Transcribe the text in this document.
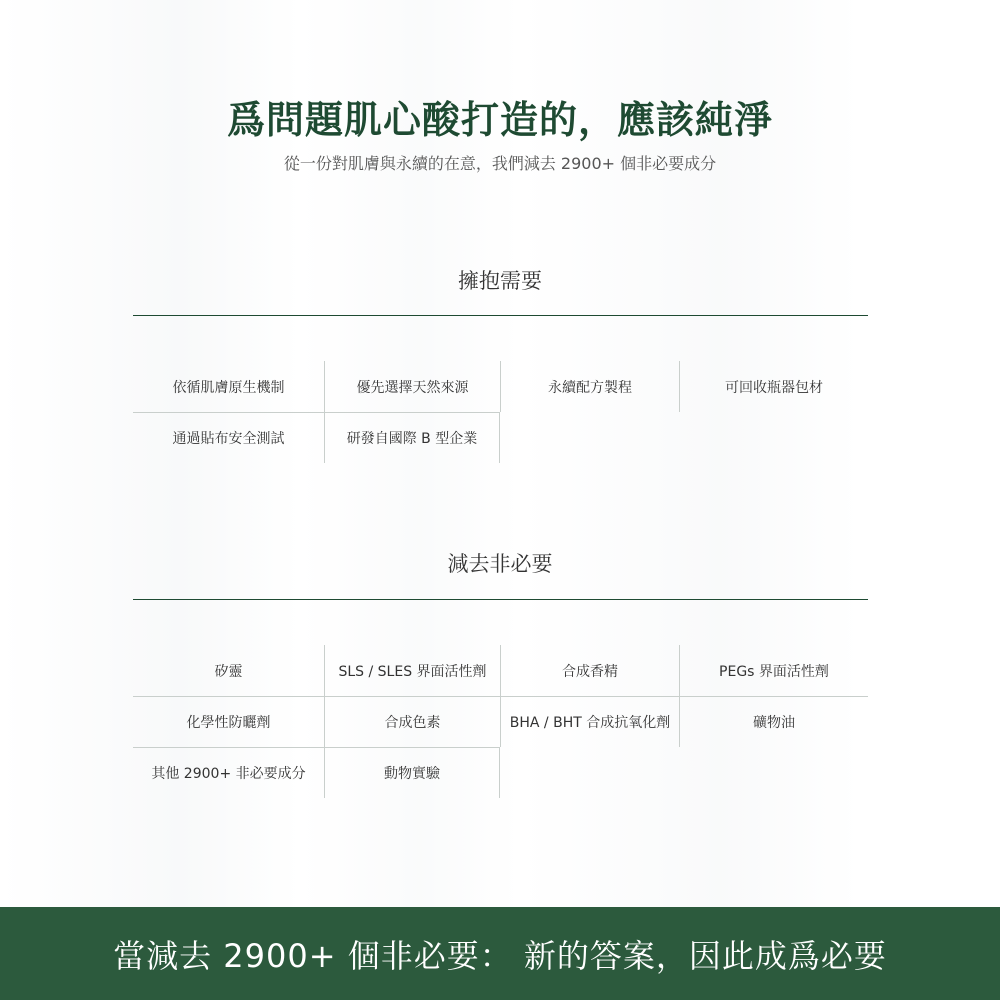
爲問題肌心酸打造的，應該純淨
從一份對肌膚與永續的在意，我們減去 2900+ 個非必要成分
擁抱需要
依循肌膚原生機制	優先選擇天然來源	永續配方製程	可回收瓶器包材
通過貼布安全測試	研發自國際 B 型企業
減去非必要
矽靈	SLS / SLES 界面活性劑	合成香精	PEGs 界面活性劑
化學性防曬劑	合成色素	BHA / BHT 合成抗氧化劑	礦物油
其他 2900+ 非必要成分	動物實驗
當減去 2900+ 個非必要： 新的答案，因此成爲必要
